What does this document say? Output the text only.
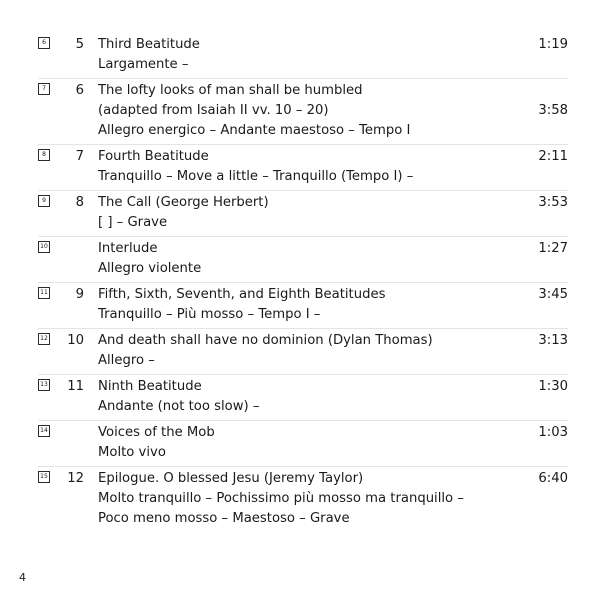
6	5 Third Beatitude
Largamente –
1:19
7	6 The lofty looks of man shall be humbled
(adapted from Isaiah II vv. 10 – 20)
Allegro energico – Andante maestoso – Tempo I
3:58
8	7 Fourth Beatitude
Tranquillo – Move a little – Tranquillo (Tempo I) –
2:11
9	8 The Call (George Herbert)
[ ] – Grave
3:53
10	Interlude
Allegro violente
1:27
11	9 Fifth, Sixth, Seventh, and Eighth Beatitudes
Tranquillo – Più mosso – Tempo I –
3:45
12	10 And death shall have no dominion (Dylan Thomas)
Allegro –
3:13
13	11 Ninth Beatitude
Andante (not too slow) –
1:30
14	Voices of the Mob
Molto vivo
1:03
15	12 Epilogue. O blessed Jesu (Jeremy Taylor)
Molto tranquillo – Pochissimo più mosso ma tranquillo –
Poco meno mosso – Maestoso – Grave
6:40
4
